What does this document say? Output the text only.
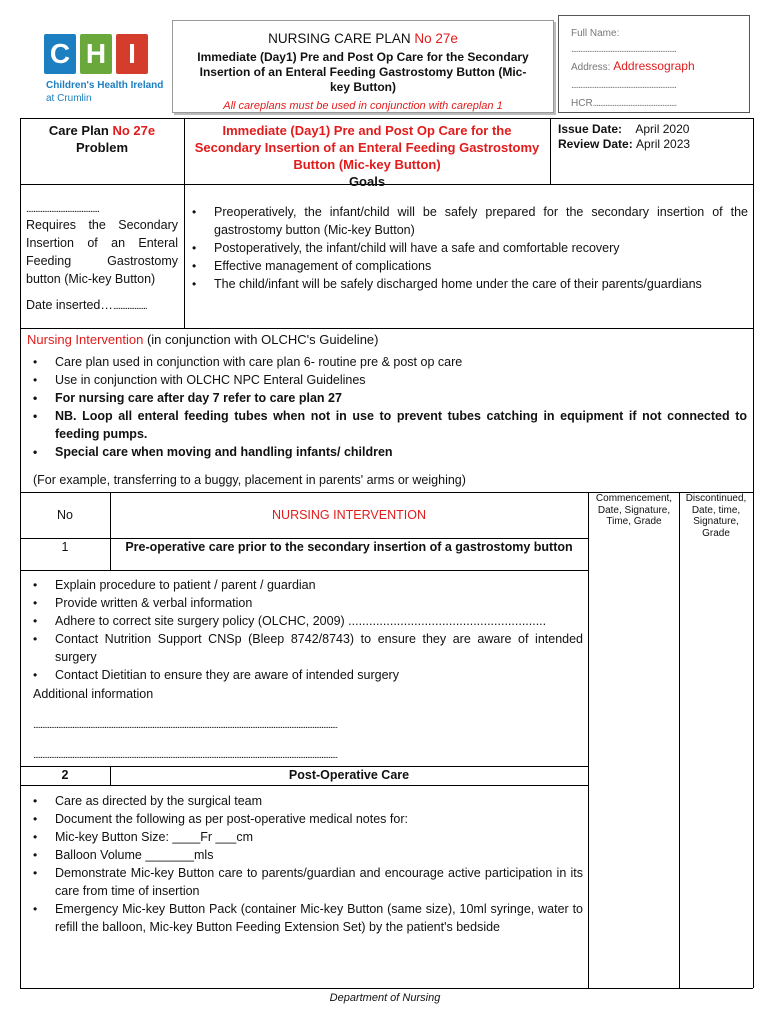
C H I
Children's Health Ireland
at Crumlin
NURSING CARE PLAN No 27e
Immediate (Day1) Pre and Post Op Care for the Secondary Insertion of an Enteral Feeding Gastrostomy Button (Mic-key Button)
All careplans must be used in conjunction with careplan 1
Full Name:
...........................................................
Address: Addressograph
...........................................................
HCR...............................................
Care Plan No 27e
Problem
Immediate (Day1) Pre and Post Op Care for the Secondary Insertion of an Enteral Feeding Gastrostomy Button (Mic-key Button)
Goals
Issue Date: April 2020
Review Date: April 2023
.........................................
Requires the Secondary Insertion of an Enteral Feeding Gastrostomy button (Mic-key Button)
Date inserted…...................
• Preoperatively, the infant/child will be safely prepared for the secondary insertion of the gastrostomy button (Mic-key Button)
• Postoperatively, the infant/child will have a safe and comfortable recovery
• Effective management of complications
• The child/infant will be safely discharged home under the care of their parents/guardians
Nursing Intervention (in conjunction with OLCHC's Guideline)
• Care plan used in conjunction with care plan 6- routine pre & post op care
• Use in conjunction with OLCHC NPC Enteral Guidelines
• For nursing care after day 7 refer to care plan 27
• NB. Loop all enteral feeding tubes when not in use to prevent tubes catching in equipment if not connected to feeding pumps.
• Special care when moving and handling infants/ children
(For example, transferring to a buggy, placement in parents' arms or weighing)
No	NURSING INTERVENTION
Commencement, Date, Signature, Time, Grade
Discontinued, Date, time, Signature, Grade
1	Pre-operative care prior to the secondary insertion of a gastrostomy button
• Explain procedure to patient / parent / guardian
• Provide written & verbal information
• Adhere to correct site surgery policy (OLCHC, 2009) .........................................................
• Contact Nutrition Support CNSp (Bleep 8742/8743) to ensure they are aware of intended surgery
• Contact Dietitian to ensure they are aware of intended surgery
Additional information
...........................................................................................................................................................................
...........................................................................................................................................................................
2	Post-Operative Care
• Care as directed by the surgical team
• Document the following as per post-operative medical notes for:
• Mic-key Button Size: ____Fr ___cm
• Balloon Volume _______mls
• Demonstrate Mic-key Button care to parents/guardian and encourage active participation in its care from time of insertion
• Emergency Mic-key Button Pack (container Mic-key Button (same size), 10ml syringe, water to refill the balloon, Mic-key Button Feeding Extension Set) by the patient's bedside
Department of Nursing
